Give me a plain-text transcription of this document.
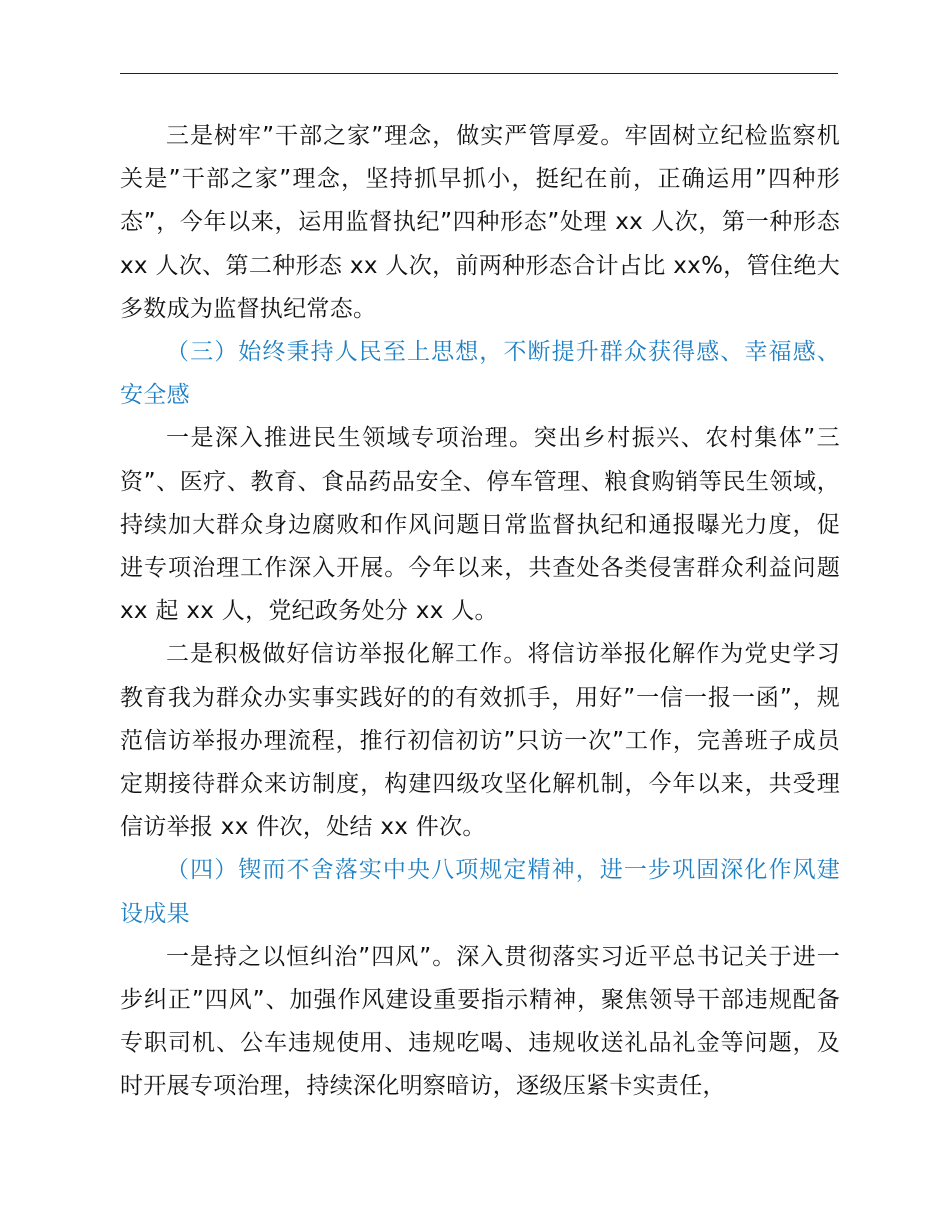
三是树牢”干部之家”理念，做实严管厚爱。牢固树立纪检监察机关是”干部之家”理念，坚持抓早抓小，挺纪在前，正确运用”四种形态”，今年以来，运用监督执纪”四种形态”处理 xx 人次，第一种形态 xx 人次、第二种形态 xx 人次，前两种形态合计占比 xx%，管住绝大多数成为监督执纪常态。

（三）始终秉持人民至上思想，不断提升群众获得感、幸福感、安全感

一是深入推进民生领域专项治理。突出乡村振兴、农村集体”三资”、医疗、教育、食品药品安全、停车管理、粮食购销等民生领域，持续加大群众身边腐败和作风问题日常监督执纪和通报曝光力度，促进专项治理工作深入开展。今年以来，共查处各类侵害群众利益问题 xx 起 xx 人，党纪政务处分 xx 人。

二是积极做好信访举报化解工作。将信访举报化解作为党史学习教育我为群众办实事实践好的的有效抓手，用好”一信一报一函”，规范信访举报办理流程，推行初信初访”只访一次”工作，完善班子成员定期接待群众来访制度，构建四级攻坚化解机制，今年以来，共受理信访举报 xx 件次，处结 xx 件次。

（四）锲而不舍落实中央八项规定精神，进一步巩固深化作风建设成果

一是持之以恒纠治”四风”。深入贯彻落实习近平总书记关于进一步纠正”四风”、加强作风建设重要指示精神，聚焦领导干部违规配备专职司机、公车违规使用、违规吃喝、违规收送礼品礼金等问题，及时开展专项治理，持续深化明察暗访，逐级压紧卡实责任，
